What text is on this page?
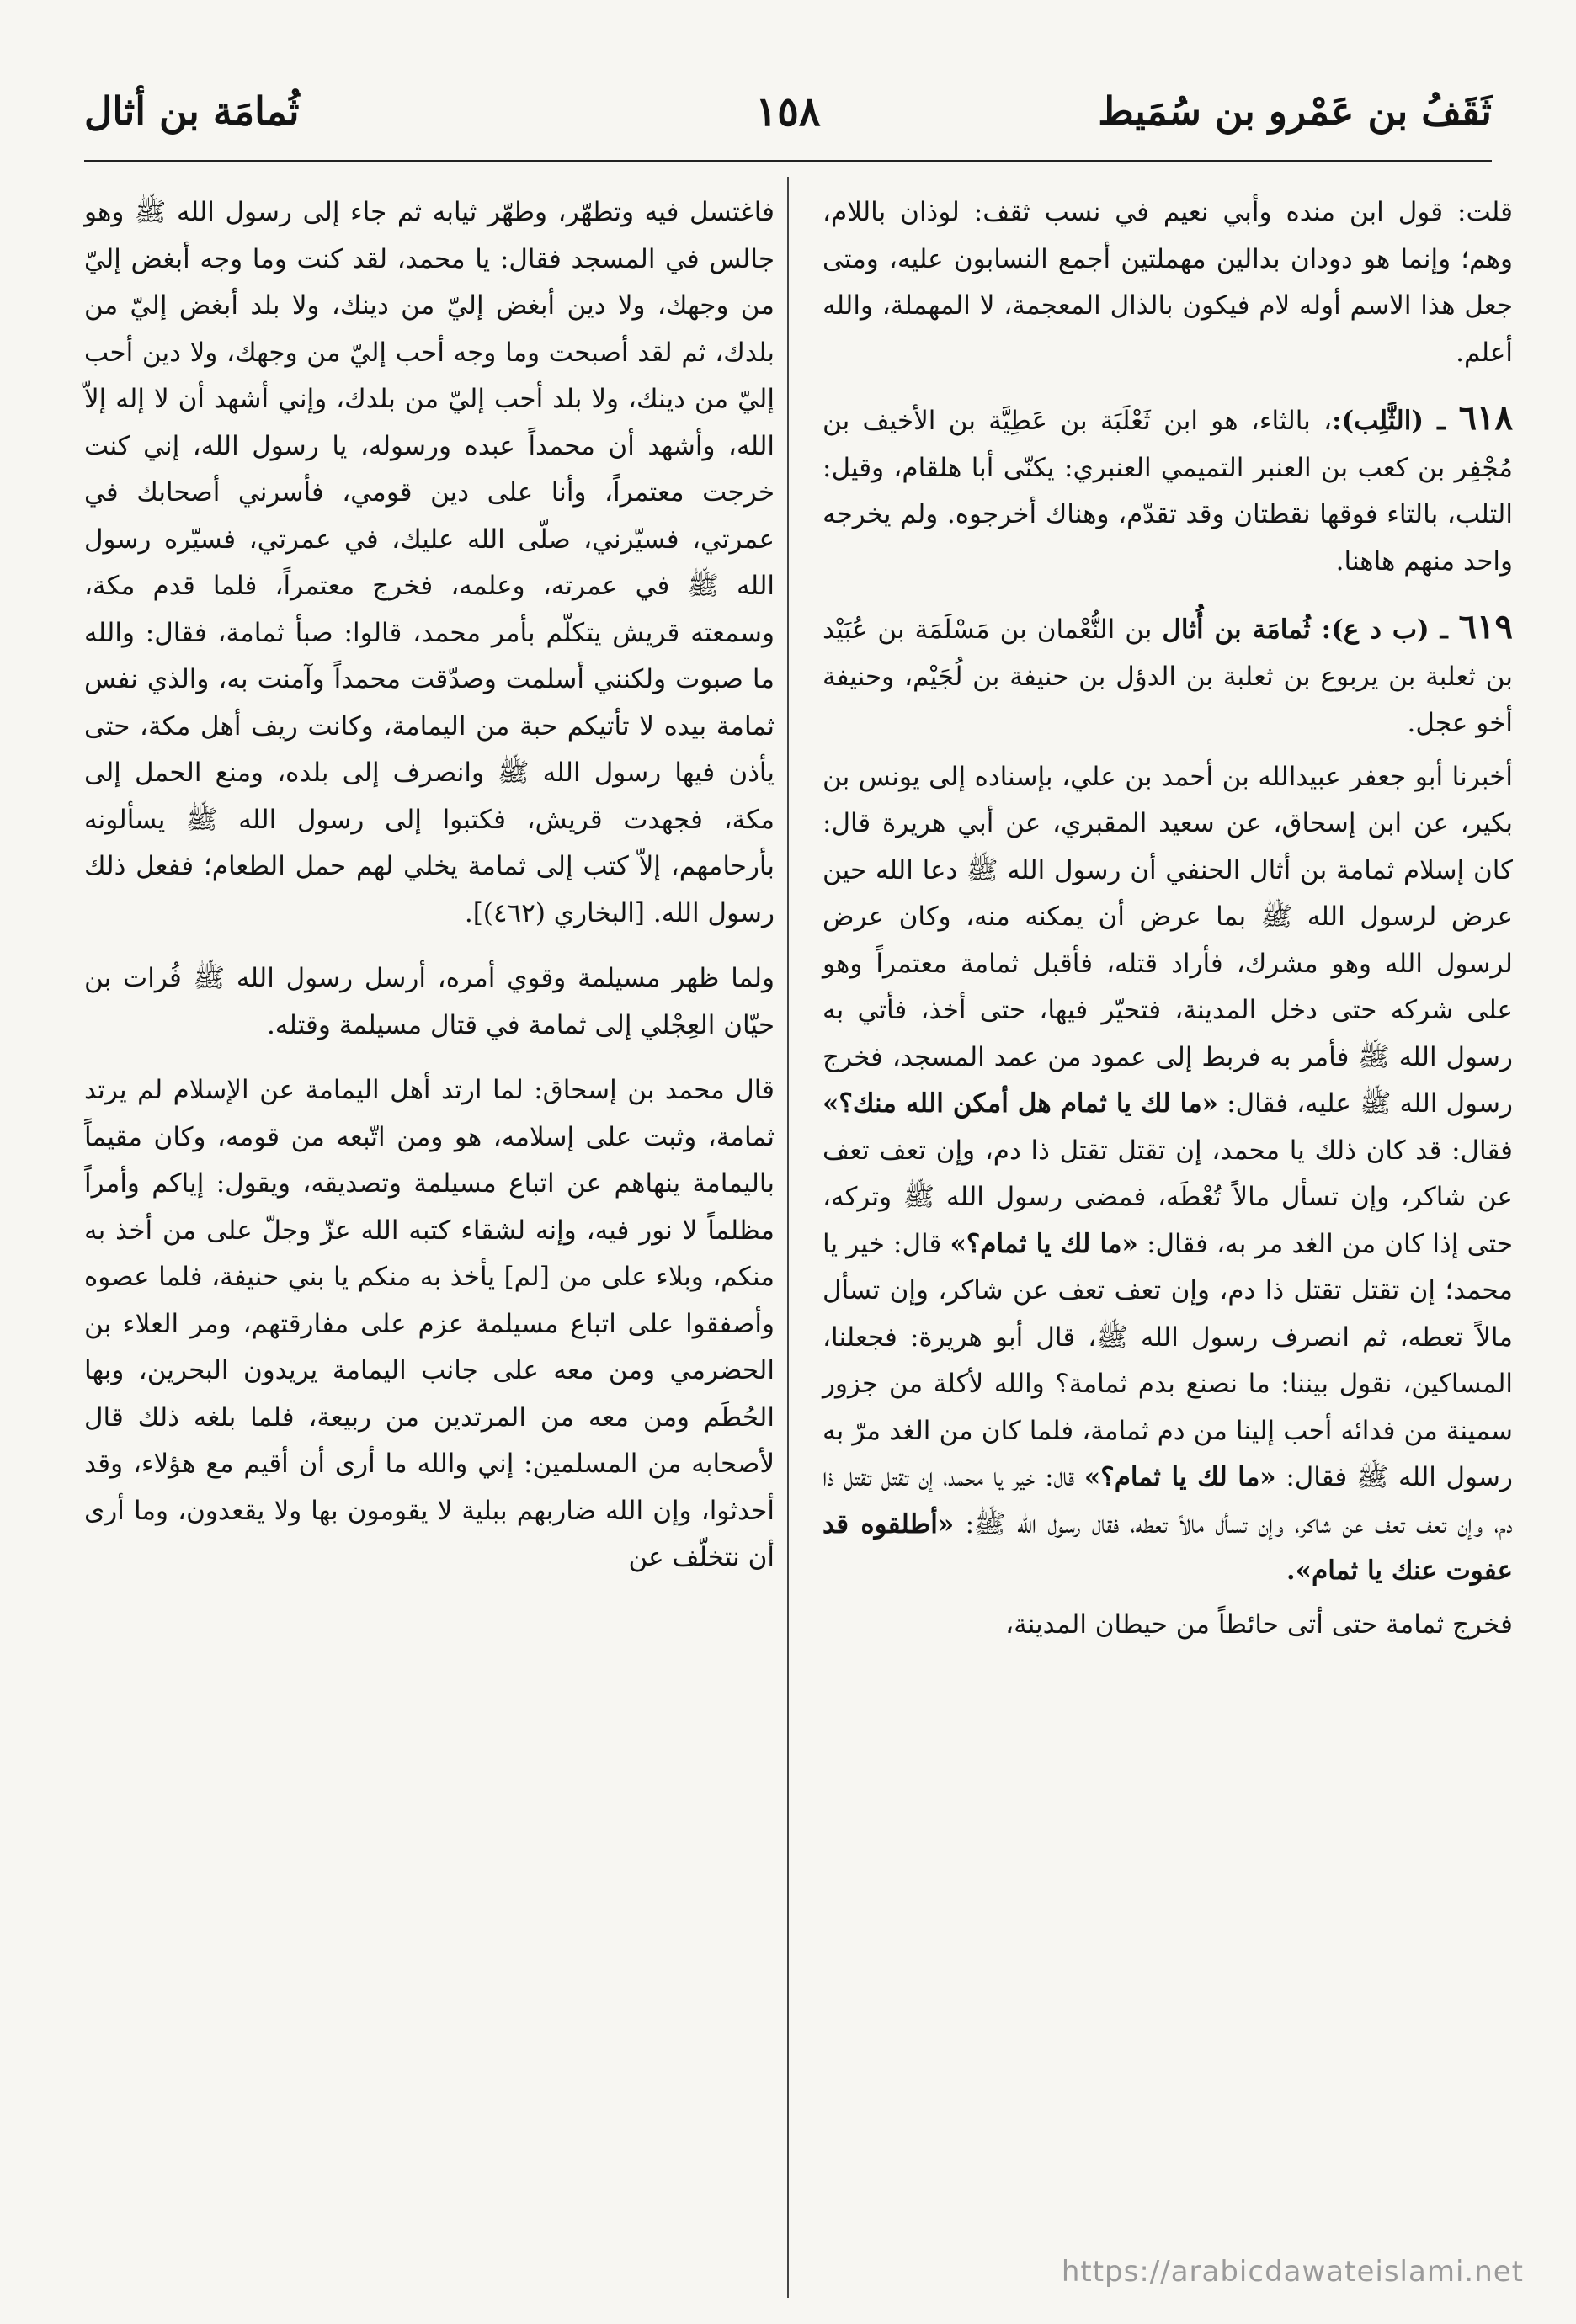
ثَقَفُ بن عَمْرو بن سُمَيط
١٥٨
ثُمامَة بن أثال

قلت: قول ابن منده وأبي نعيم في نسب ثقف: لوذان باللام، وهم؛ وإنما هو دودان بدالين مهملتين أجمع النسابون عليه، ومتى جعل هذا الاسم أوله لام فيكون بالذال المعجمة، لا المهملة، والله أعلم.

٦١٨ ـ (الثَّلِب):، بالثاء، هو ابن ثَعْلَبَة بن عَطِيَّة بن الأخيف بن مُجْفِر بن كعب بن العنبر التميمي العنبري: يكنّى أبا هلقام، وقيل: التلب، بالتاء فوقها نقطتان وقد تقدّم، وهناك أخرجوه. ولم يخرجه واحد منهم هاهنا.

٦١٩ ـ (ب د ع): ثُمامَة بن أُثال بن النُّعْمان بن مَسْلَمَة بن عُبَيْد بن ثعلبة بن يربوع بن ثعلبة بن الدؤل بن حنيفة بن لُجَيْم، وحنيفة أخو عجل.

أخبرنا أبو جعفر عبيدالله بن أحمد بن علي، بإسناده إلى يونس بن بكير، عن ابن إسحاق، عن سعيد المقبري، عن أبي هريرة قال: كان إسلام ثمامة بن أثال الحنفي أن رسول الله ﷺ دعا الله حين عرض لرسول الله ﷺ بما عرض أن يمكنه منه، وكان عرض لرسول الله وهو مشرك، فأراد قتله، فأقبل ثمامة معتمراً وهو على شركه حتى دخل المدينة، فتحيّر فيها، حتى أخذ، فأتي به رسول الله ﷺ فأمر به فربط إلى عمود من عمد المسجد، فخرج رسول الله ﷺ عليه، فقال: «ما لك يا ثمام هل أمكن الله منك؟» فقال: قد كان ذلك يا محمد، إن تقتل تقتل ذا دم، وإن تعف تعف عن شاكر، وإن تسأل مالاً تُعْطَه، فمضى رسول الله ﷺ وتركه، حتى إذا كان من الغد مر به، فقال: «ما لك يا ثمام؟» قال: خير يا محمد؛ إن تقتل تقتل ذا دم، وإن تعف تعف عن شاكر، وإن تسأل مالاً تعطه، ثم انصرف رسول الله ﷺ، قال أبو هريرة: فجعلنا، المساكين، نقول بيننا: ما نصنع بدم ثمامة؟ والله لأكلة من جزور سمينة من فدائه أحب إلينا من دم ثمامة، فلما كان من الغد مرّ به رسول الله ﷺ فقال: «ما لك يا ثمام؟» قال: خير يا محمد، إن تقتل تقتل ذا دم، وإن تعف تعف عن شاكر، وإن تسأل مالاً تعطه، فقال رسول الله ﷺ: «أطلقوه قد عفوت عنك يا ثمام».

فخرج ثمامة حتى أتى حائطاً من حيطان المدينة،

فاغتسل فيه وتطهّر، وطهّر ثيابه ثم جاء إلى رسول الله ﷺ وهو جالس في المسجد فقال: يا محمد، لقد كنت وما وجه أبغض إليّ من وجهك، ولا دين أبغض إليّ من دينك، ولا بلد أبغض إليّ من بلدك، ثم لقد أصبحت وما وجه أحب إليّ من وجهك، ولا دين أحب إليّ من دينك، ولا بلد أحب إليّ من بلدك، وإني أشهد أن لا إله إلاّ الله، وأشهد أن محمداً عبده ورسوله، يا رسول الله، إني كنت خرجت معتمراً، وأنا على دين قومي، فأسرني أصحابك في عمرتي، فسيّرني، صلّى الله عليك، في عمرتي، فسيّره رسول الله ﷺ في عمرته، وعلمه، فخرج معتمراً، فلما قدم مكة، وسمعته قريش يتكلّم بأمر محمد، قالوا: صبأ ثمامة، فقال: والله ما صبوت ولكنني أسلمت وصدّقت محمداً وآمنت به، والذي نفس ثمامة بيده لا تأتيكم حبة من اليمامة، وكانت ريف أهل مكة، حتى يأذن فيها رسول الله ﷺ وانصرف إلى بلده، ومنع الحمل إلى مكة، فجهدت قريش، فكتبوا إلى رسول الله ﷺ يسألونه بأرحامهم، إلاّ كتب إلى ثمامة يخلي لهم حمل الطعام؛ ففعل ذلك رسول الله. [البخاري (٤٦٢)].

ولما ظهر مسيلمة وقوي أمره، أرسل رسول الله ﷺ فُرات بن حيّان العِجْلي إلى ثمامة في قتال مسيلمة وقتله.

قال محمد بن إسحاق: لما ارتد أهل اليمامة عن الإسلام لم يرتد ثمامة، وثبت على إسلامه، هو ومن اتّبعه من قومه، وكان مقيماً باليمامة ينهاهم عن اتباع مسيلمة وتصديقه، ويقول: إياكم وأمراً مظلماً لا نور فيه، وإنه لشقاء كتبه الله عزّ وجلّ على من أخذ به منكم، وبلاء على من [لم] يأخذ به منكم يا بني حنيفة، فلما عصوه وأصفقوا على اتباع مسيلمة عزم على مفارقتهم، ومر العلاء بن الحضرمي ومن معه على جانب اليمامة يريدون البحرين، وبها الحُطَم ومن معه من المرتدين من ربيعة، فلما بلغه ذلك قال لأصحابه من المسلمين: إني والله ما أرى أن أقيم مع هؤلاء، وقد أحدثوا، وإن الله ضاربهم ببلية لا يقومون بها ولا يقعدون، وما أرى أن نتخلّف عن

https://arabicdawateislami.net
